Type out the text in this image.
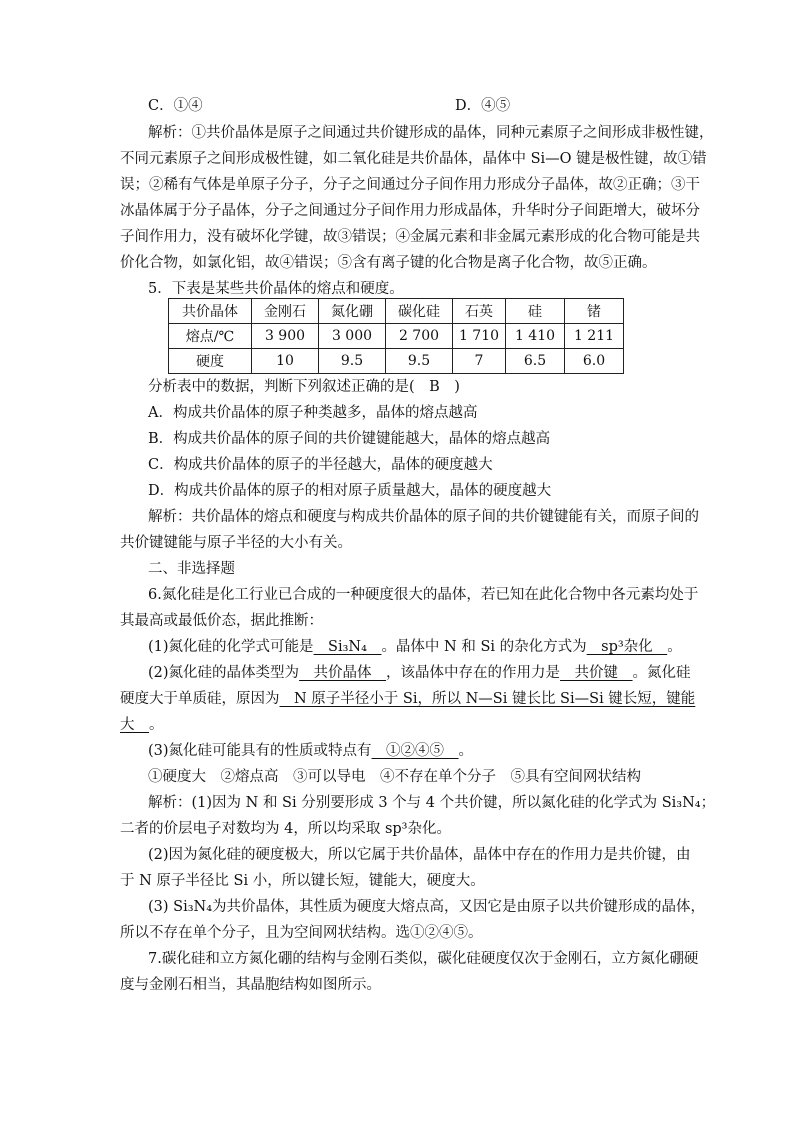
C．①④	D．④⑤
解析：①共价晶体是原子之间通过共价键形成的晶体，同种元素原子之间形成非极性键，
不同元素原子之间形成极性键，如二氧化硅是共价晶体，晶体中 Si—O 键是极性键，故①错
误；②稀有气体是单原子分子，分子之间通过分子间作用力形成分子晶体，故②正确；③干
冰晶体属于分子晶体，分子之间通过分子间作用力形成晶体，升华时分子间距增大，破坏分
子间作用力，没有破坏化学键，故③错误；④金属元素和非金属元素形成的化合物可能是共
价化合物，如氯化铝，故④错误；⑤含有离子键的化合物是离子化合物，故⑤正确。
5．下表是某些共价晶体的熔点和硬度。
共价晶体	金刚石	氮化硼	碳化硅	石英	硅	锗
熔点/℃	3 900	3 000	2 700	1 710	1 410	1 211
硬度	10	9.5	9.5	7	6.5	6.0
分析表中的数据，判断下列叙述正确的是(　B　)
A．构成共价晶体的原子种类越多，晶体的熔点越高
B．构成共价晶体的原子间的共价键键能越大，晶体的熔点越高
C．构成共价晶体的原子的半径越大，晶体的硬度越大
D．构成共价晶体的原子的相对原子质量越大，晶体的硬度越大
解析：共价晶体的熔点和硬度与构成共价晶体的原子间的共价键键能有关，而原子间的
共价键键能与原子半径的大小有关。
二、非选择题
6.氮化硅是化工行业已合成的一种硬度很大的晶体，若已知在此化合物中各元素均处于
其最高或最低价态，据此推断：
(1)氮化硅的化学式可能是　Si₃N₄　。晶体中 N 和 Si 的杂化方式为　sp³杂化　。
(2)氮化硅的晶体类型为　共价晶体　，该晶体中存在的作用力是　共价键　。氮化硅
硬度大于单质硅，原因为　N 原子半径小于 Si，所以 N—Si 键长比 Si—Si 键长短，键能
大　。
(3)氮化硅可能具有的性质或特点有　①②④⑤　。
①硬度大　②熔点高　③可以导电　④不存在单个分子　⑤具有空间网状结构
解析：(1)因为 N 和 Si 分别要形成 3 个与 4 个共价键，所以氮化硅的化学式为 Si₃N₄；
二者的价层电子对数均为 4，所以均采取 sp³杂化。
(2)因为氮化硅的硬度极大，所以它属于共价晶体，晶体中存在的作用力是共价键，由
于 N 原子半径比 Si 小，所以键长短，键能大，硬度大。
(3) Si₃N₄为共价晶体，其性质为硬度大熔点高，又因它是由原子以共价键形成的晶体，
所以不存在单个分子，且为空间网状结构。选①②④⑤。
7.碳化硅和立方氮化硼的结构与金刚石类似，碳化硅硬度仅次于金刚石，立方氮化硼硬
度与金刚石相当，其晶胞结构如图所示。
